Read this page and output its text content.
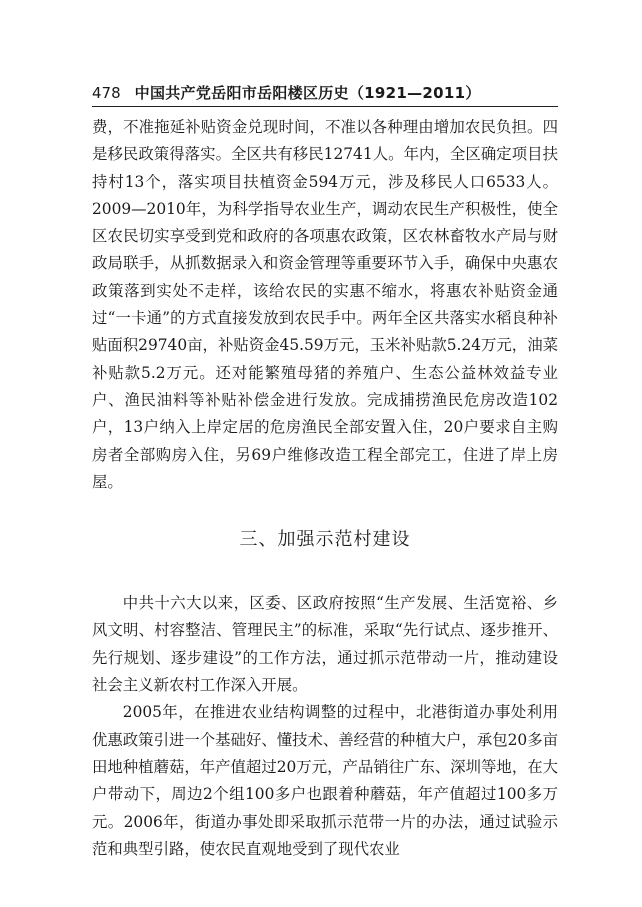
478 中国共产党岳阳市岳阳楼区历史（1921—2011）

费，不准拖延补贴资金兑现时间，不准以各种理由增加农民负担。四是移民政策得落实。全区共有移民12741人。年内，全区确定项目扶持村13个，落实项目扶植资金594万元，涉及移民人口6533人。2009—2010年，为科学指导农业生产，调动农民生产积极性，使全区农民切实享受到党和政府的各项惠农政策，区农林畜牧水产局与财政局联手，从抓数据录入和资金管理等重要环节入手，确保中央惠农政策落到实处不走样，该给农民的实惠不缩水，将惠农补贴资金通过“一卡通”的方式直接发放到农民手中。两年全区共落实水稻良种补贴面积29740亩，补贴资金45.59万元，玉米补贴款5.24万元，油菜补贴款5.2万元。还对能繁殖母猪的养殖户、生态公益林效益专业户、渔民油料等补贴补偿金进行发放。完成捕捞渔民危房改造102户，13户纳入上岸定居的危房渔民全部安置入住，20户要求自主购房者全部购房入住，另69户维修改造工程全部完工，住进了岸上房屋。

三、加强示范村建设

中共十六大以来，区委、区政府按照“生产发展、生活宽裕、乡风文明、村容整洁、管理民主”的标准，采取“先行试点、逐步推开、先行规划、逐步建设”的工作方法，通过抓示范带动一片，推动建设社会主义新农村工作深入开展。

2005年，在推进农业结构调整的过程中，北港街道办事处利用优惠政策引进一个基础好、懂技术、善经营的种植大户，承包20多亩田地种植蘑菇，年产值超过20万元，产品销往广东、深圳等地，在大户带动下，周边2个组100多户也跟着种蘑菇，年产值超过100多万元。2006年，街道办事处即采取抓示范带一片的办法，通过试验示范和典型引路，使农民直观地受到了现代农业
